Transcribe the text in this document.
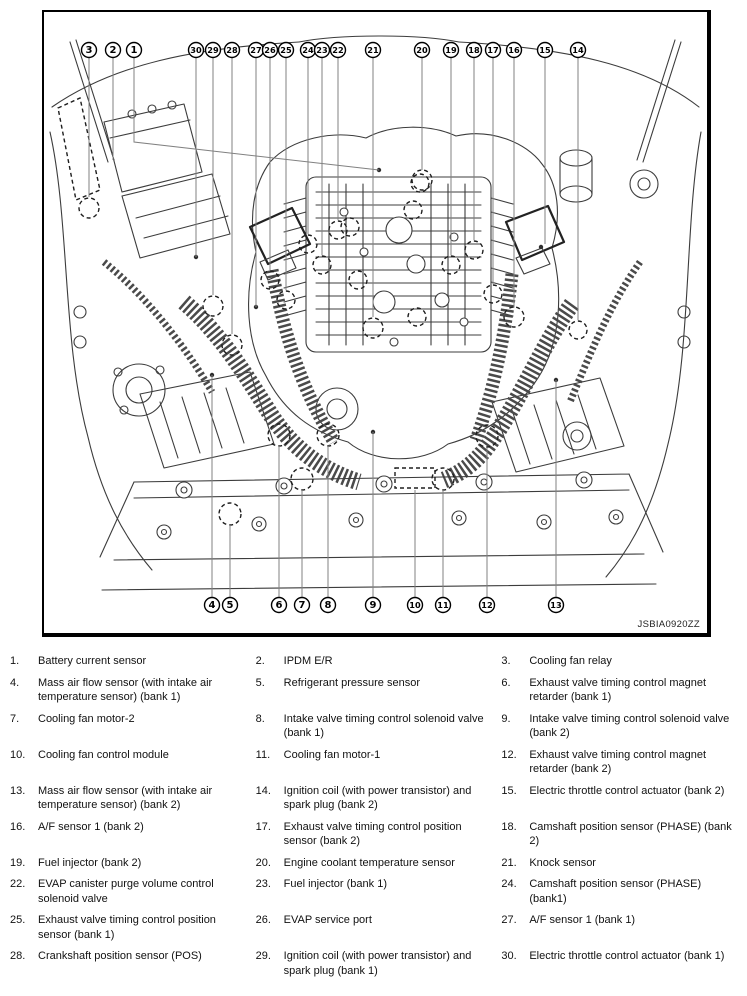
3 2 1	30 29 28 27 26 25 24 23 22	21	20 19 18 17 16 15	14
4 5	6 7 8	9	10 11	12	13
JSBIA0920ZZ
1.	Battery current sensor	2.	IPDM E/R	3.	Cooling fan relay
4.	Mass air flow sensor (with intake air temperature sensor) (bank 1)
5.	Refrigerant pressure sensor	6.	Exhaust valve timing control magnet retarder (bank 1)
7.	Cooling fan motor-2	8.	Intake valve timing control solenoid valve (bank 1)
9.	Intake valve timing control solenoid valve (bank 2)
10.	Cooling fan control module	11.	Cooling fan motor-1	12.	Exhaust valve timing control magnet retarder (bank 2)
13.	Mass air flow sensor (with intake air temperature sensor) (bank 2)
14.	Ignition coil (with power transistor) and spark plug (bank 2)
15.	Electric throttle control actuator (bank 2)
16.	A/F sensor 1 (bank 2)	17.	Exhaust valve timing control position sensor (bank 2)
18.	Camshaft position sensor (PHASE) (bank 2)
19.	Fuel injector (bank 2)	20.	Engine coolant temperature sensor	21.	Knock sensor
22.	EVAP canister purge volume control solenoid valve
23.	Fuel injector (bank 1)	24.	Camshaft position sensor (PHASE) (bank1)
25.	Exhaust valve timing control position sensor (bank 1)
26.	EVAP service port	27.	A/F sensor 1 (bank 1)
28.	Crankshaft position sensor (POS)	29.	Ignition coil (with power transistor) and spark plug (bank 1)
30.	Electric throttle control actuator (bank 1)
